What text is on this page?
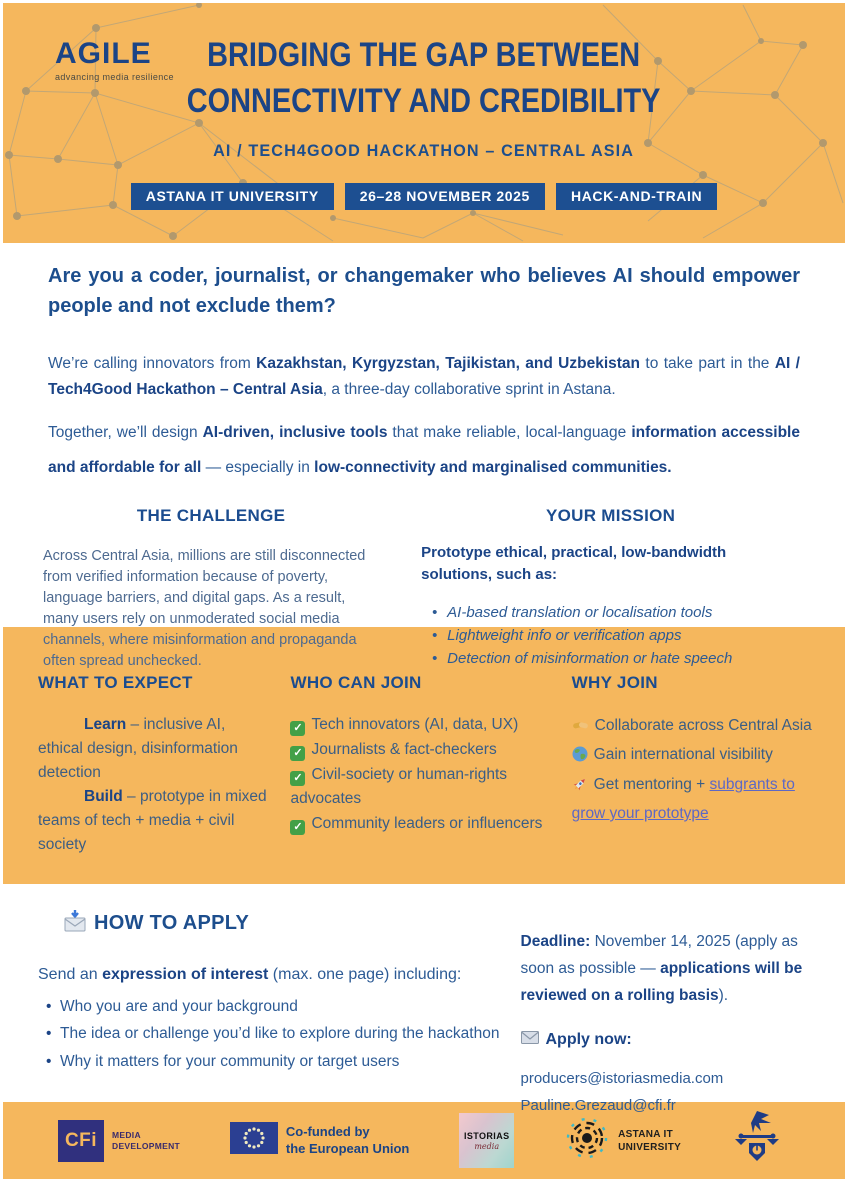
AGILE
advancing media resilience
BRIDGING THE GAP BETWEEN
CONNECTIVITY AND CREDIBILITY
AI / TECH4GOOD HACKATHON – CENTRAL ASIA
ASTANA IT UNIVERSITY	26–28 NOVEMBER 2025	HACK-AND-TRAIN
Are you a coder, journalist, or changemaker who believes AI should empower people and not exclude them?

We’re calling innovators from Kazakhstan, Kyrgyzstan, Tajikistan, and Uzbekistan to take part in the AI / Tech4Good Hackathon – Central Asia, a three-day collaborative sprint in Astana.

Together, we’ll design AI-driven, inclusive tools that make reliable, local-language information accessible and affordable for all — especially in low-connectivity and marginalised communities.

THE CHALLENGE

Across Central Asia, millions are still disconnected from verified information because of poverty, language barriers, and digital gaps. As a result, many users rely on unmoderated social media channels, where misinformation and propaganda often spread unchecked.

YOUR MISSION

Prototype ethical, practical, low-bandwidth solutions, such as:

• AI-based translation or localisation tools
• Lightweight info or verification apps
• Detection of misinformation or hate speech
WHAT TO EXPECT

Learn – inclusive AI, ethical design, disinformation detection

Build – prototype in mixed teams of tech + media + civil society

WHO CAN JOIN
✓ Tech innovators (AI, data, UX)
✓ Journalists & fact-checkers
✓ Civil-society or human-rights advocates
✓ Community leaders or influencers
WHY JOIN
Collaborate across Central Asia
Gain international visibility
Get mentoring + subgrants to grow your prototype
HOW TO APPLY

Send an expression of interest (max. one page) including:

• Who you are and your background
• The idea or challenge you’d like to explore during the hackathon
• Why it matters for your community or target users

Deadline: November 14, 2025 (apply as soon as possible — applications will be reviewed on a rolling basis).

Apply now:
producers@istoriasmedia.com
Pauline.Grezaud@cfi.fr
CFi	MEDIA
DEVELOPMENT
Co-funded by
the European Union
ISTORIAS
media
ASTANA IT
UNIVERSITY
